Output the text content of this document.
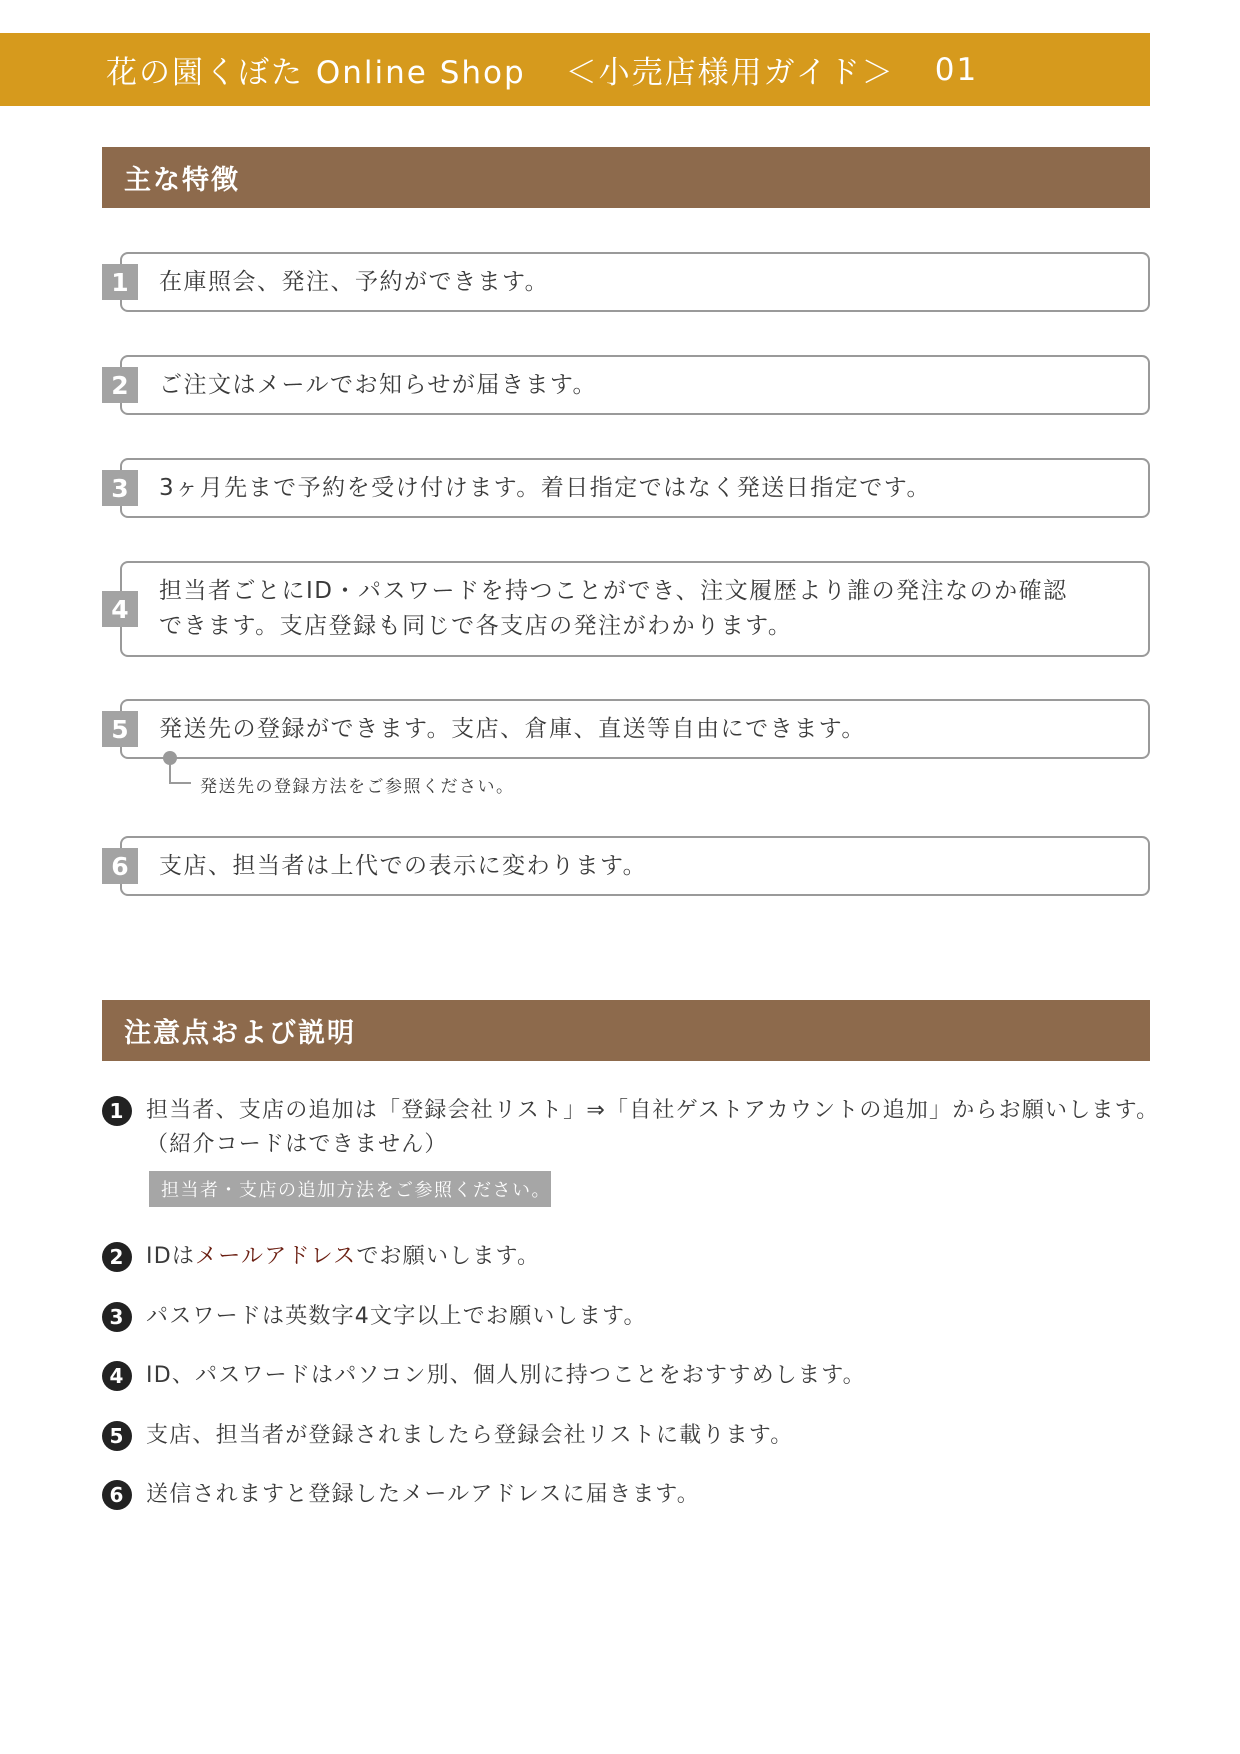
花の園くぼた Online Shop ＜小売店様用ガイド＞ 01
主な特徴
1	在庫照会、発注、予約ができます。
2	ご注文はメールでお知らせが届きます。
3	3ヶ月先まで予約を受け付けます。着日指定ではなく発送日指定です。
4
担当者ごとにID・パスワードを持つことができ、注文履歴より誰の発注なのか確認
できます。支店登録も同じで各支店の発注がわかります。
5	発送先の登録ができます。支店、倉庫、直送等自由にできます。
発送先の登録方法をご参照ください。
6	支店、担当者は上代での表示に変わります。
注意点および説明
1 担当者、支店の追加は「登録会社リスト」⇒「自社ゲストアカウントの追加」からお願いします。
（紹介コードはできません）
担当者・支店の追加方法をご参照ください。
2 IDはメールアドレスでお願いします。
3 パスワードは英数字4文字以上でお願いします。
4 ID、パスワードはパソコン別、個人別に持つことをおすすめします。
5 支店、担当者が登録されましたら登録会社リストに載ります。
6 送信されますと登録したメールアドレスに届きます。
